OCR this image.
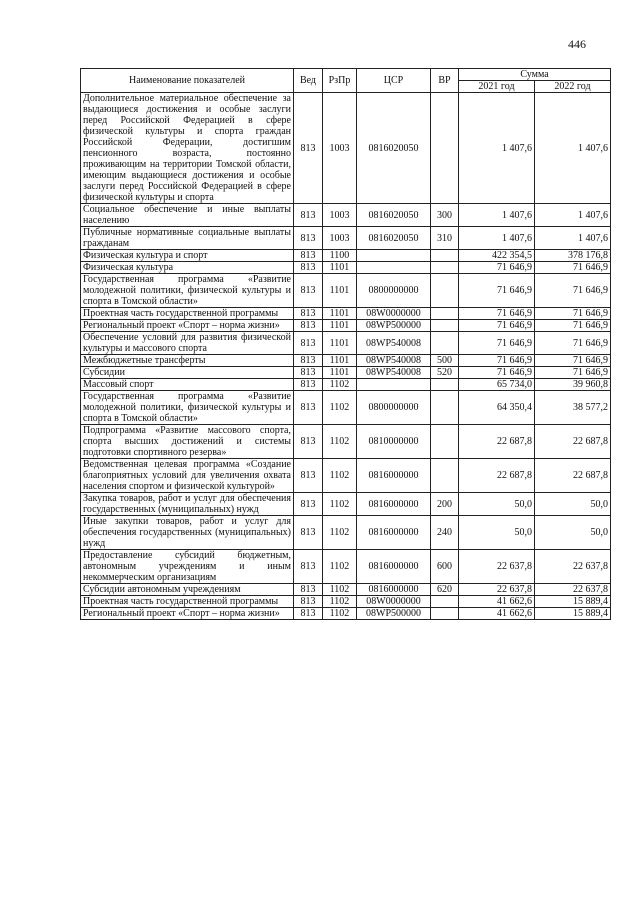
446
Наименование показателей	Вед	РзПр	ЦСР	ВР	Сумма	
					2021 год	2022 год
Дополнительное материальное обеспечение за выдающиеся достижения и особые заслуги перед Российской Федерацией в сфере физической культуры и спорта граждан Российской Федерации, достигшим пенсионного возраста, постоянно проживающим на территории Томской области, имеющим выдающиеся достижения и особые заслуги перед Российской Федерацией в сфере физической культуры и спорта	813	1003	0816020050		1 407,6	1 407,6
Социальное обеспечение и иные выплаты населению	813	1003	0816020050	300	1 407,6	1 407,6
Публичные нормативные социальные выплаты гражданам	813	1003	0816020050	310	1 407,6	1 407,6
Физическая культура и спорт	813	1100			422 354,5	378 176,8
Физическая культура	813	1101			71 646,9	71 646,9
Государственная программа «Развитие молодежной политики, физической культуры и спорта в Томской области»	813	1101	0800000000		71 646,9	71 646,9
Проектная часть государственной программы	813	1101	08W0000000		71 646,9	71 646,9
Региональный проект «Спорт – норма жизни»	813	1101	08WP500000		71 646,9	71 646,9
Обеспечение условий для развития физической культуры и массового спорта	813	1101	08WP540008		71 646,9	71 646,9
Межбюджетные трансферты	813	1101	08WP540008	500	71 646,9	71 646,9
Субсидии	813	1101	08WP540008	520	71 646,9	71 646,9
Массовый спорт	813	1102			65 734,0	39 960,8
Государственная программа «Развитие молодежной политики, физической культуры и спорта в Томской области»	813	1102	0800000000		64 350,4	38 577,2
Подпрограмма «Развитие массового спорта, спорта высших достижений и системы подготовки спортивного резерва»	813	1102	0810000000		22 687,8	22 687,8
Ведомственная целевая программа «Создание благоприятных условий для увеличения охвата населения спортом и физической культурой»	813	1102	0816000000		22 687,8	22 687,8
Закупка товаров, работ и услуг для обеспечения государственных (муниципальных) нужд	813	1102	0816000000	200	50,0	50,0
Иные закупки товаров, работ и услуг для обеспечения государственных (муниципальных) нужд	813	1102	0816000000	240	50,0	50,0
Предоставление субсидий бюджетным, автономным учреждениям и иным некоммерческим организациям	813	1102	0816000000	600	22 637,8	22 637,8
Субсидии автономным учреждениям	813	1102	0816000000	620	22 637,8	22 637,8
Проектная часть государственной программы	813	1102	08W0000000		41 662,6	15 889,4
Региональный проект «Спорт – норма жизни»	813	1102	08WP500000		41 662,6	15 889,4
